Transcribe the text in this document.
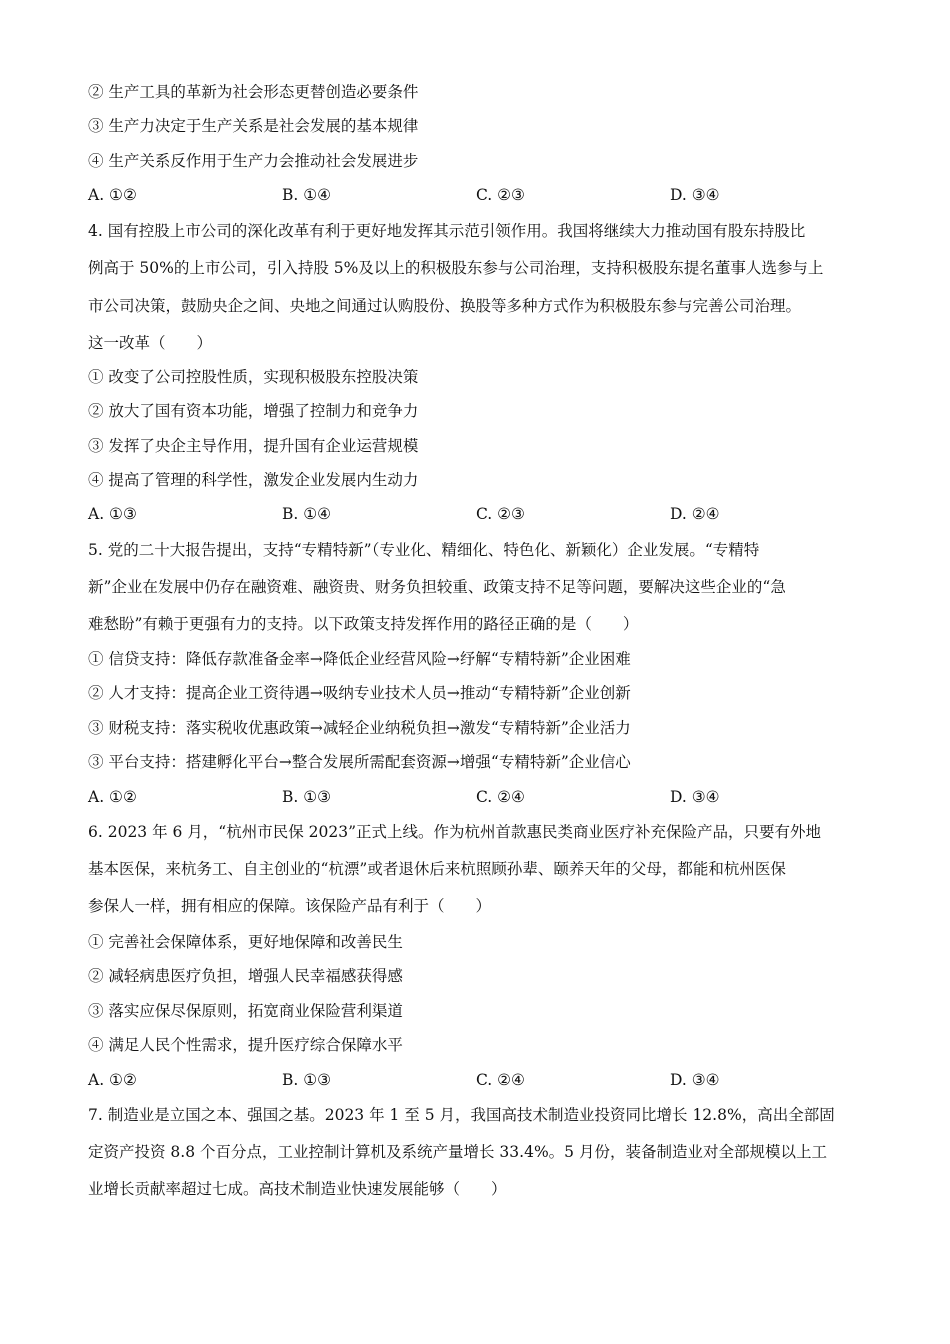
② 生产工具的革新为社会形态更替创造必要条件
③ 生产力决定于生产关系是社会发展的基本规律
④ 生产关系反作用于生产力会推动社会发展进步
A. ①②	B. ①④	C. ②③	D. ③④
4. 国有控股上市公司的深化改革有利于更好地发挥其示范引领作用。我国将继续大力推动国有股东持股比
例高于 50%的上市公司，引入持股 5%及以上的积极股东参与公司治理，支持积极股东提名董事人选参与上
市公司决策，鼓励央企之间、央地之间通过认购股份、换股等多种方式作为积极股东参与完善公司治理。
这一改革（　　）
① 改变了公司控股性质，实现积极股东控股决策
② 放大了国有资本功能，增强了控制力和竞争力
③ 发挥了央企主导作用，提升国有企业运营规模
④ 提高了管理的科学性，激发企业发展内生动力
A. ①③	B. ①④	C. ②③	D. ②④
5. 党的二十大报告提出，支持“专精特新”（专业化、精细化、特色化、新颖化）企业发展。“专精特
新”企业在发展中仍存在融资难、融资贵、财务负担较重、政策支持不足等问题，要解决这些企业的“急
难愁盼”有赖于更强有力的支持。以下政策支持发挥作用的路径正确的是（　　）
① 信贷支持：降低存款准备金率→降低企业经营风险→纾解“专精特新”企业困难
② 人才支持：提高企业工资待遇→吸纳专业技术人员→推动“专精特新”企业创新
③ 财税支持：落实税收优惠政策→减轻企业纳税负担→激发“专精特新”企业活力
③ 平台支持：搭建孵化平台→整合发展所需配套资源→增强“专精特新”企业信心
A. ①②	B. ①③	C. ②④	D. ③④
6. 2023 年 6 月，“杭州市民保 2023”正式上线。作为杭州首款惠民类商业医疗补充保险产品，只要有外地
基本医保，来杭务工、自主创业的“杭漂”或者退休后来杭照顾孙辈、颐养天年的父母，都能和杭州医保
参保人一样，拥有相应的保障。该保险产品有利于（　　）
① 完善社会保障体系，更好地保障和改善民生
② 减轻病患医疗负担，增强人民幸福感获得感
③ 落实应保尽保原则，拓宽商业保险营利渠道
④ 满足人民个性需求，提升医疗综合保障水平
A. ①②	B. ①③	C. ②④	D. ③④
7. 制造业是立国之本、强国之基。2023 年 1 至 5 月，我国高技术制造业投资同比增长 12.8%，高出全部固
定资产投资 8.8 个百分点，工业控制计算机及系统产量增长 33.4%。5 月份，装备制造业对全部规模以上工
业增长贡献率超过七成。高技术制造业快速发展能够（　　）
